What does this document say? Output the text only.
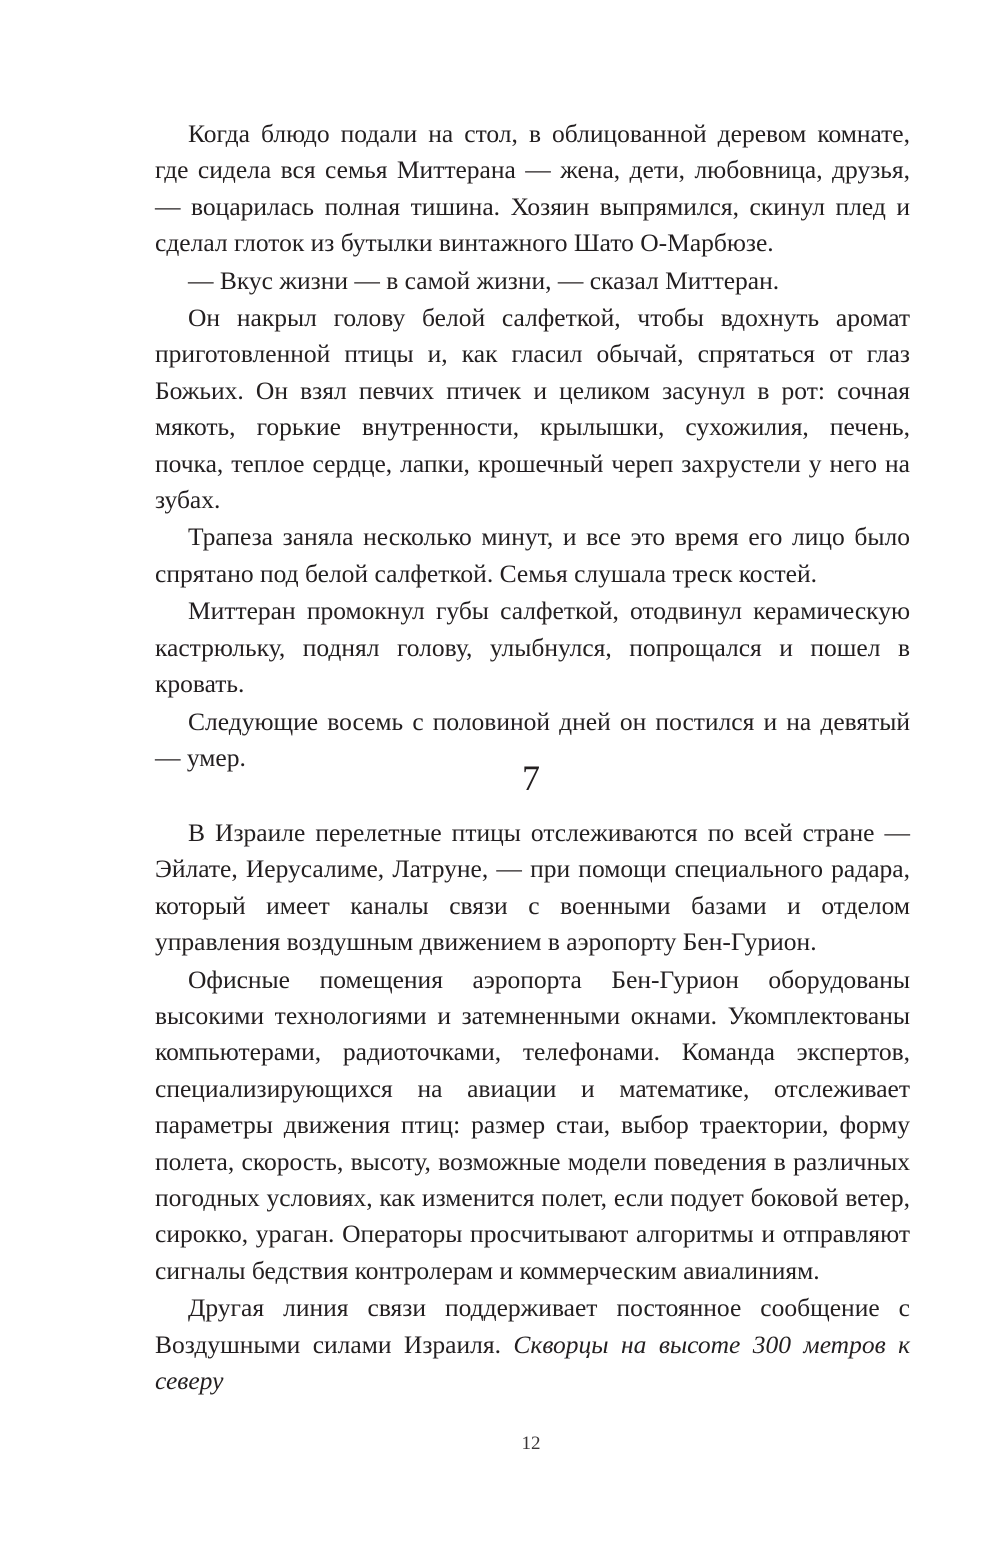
Когда блюдо подали на стол, в облицованной деревом комнате, где сидела вся семья Миттерана — жена, дети, любовница, друзья, — воцарилась полная тишина. Хозяин выпрямился, скинул плед и сделал глоток из бутылки винтажного Шато О-Марбюзе.

— Вкус жизни — в самой жизни, — сказал Миттеран.

Он накрыл голову белой салфеткой, чтобы вдохнуть аромат приготовленной птицы и, как гласил обычай, спрятаться от глаз Божьих. Он взял певчих птичек и целиком засунул в рот: сочная мякоть, горькие внутренности, крылышки, сухожилия, печень, почка, теплое сердце, лапки, крошечный череп захрустели у него на зубах.

Трапеза заняла несколько минут, и все это время его лицо было спрятано под белой салфеткой. Семья слушала треск костей.

Миттеран промокнул губы салфеткой, отодвинул керамическую кастрюльку, поднял голову, улыбнулся, попрощался и пошел в кровать.

Следующие восемь с половиной дней он постился и на девятый — умер.

7

В Израиле перелетные птицы отслеживаются по всей стране — Эйлате, Иерусалиме, Латруне, — при помощи специального радара, который имеет каналы связи с военными базами и отделом управления воздушным движением в аэропорту Бен-Гурион.

Офисные помещения аэропорта Бен-Гурион оборудованы высокими технологиями и затемненными окнами. Укомплектованы компьютерами, радиоточками, телефонами. Команда экспертов, специализирующихся на авиации и математике, отслеживает параметры движения птиц: размер стаи, выбор траектории, форму полета, скорость, высоту, возможные модели поведения в различных погодных условиях, как изменится полет, если подует боковой ветер, сирокко, ураган. Операторы просчитывают алгоритмы и отправляют сигналы бедствия контролерам и коммерческим авиалиниям.

Другая линия связи поддерживает постоянное сообщение с Воздушными силами Израиля. Скворцы на высоте 300 метров к северу

12
